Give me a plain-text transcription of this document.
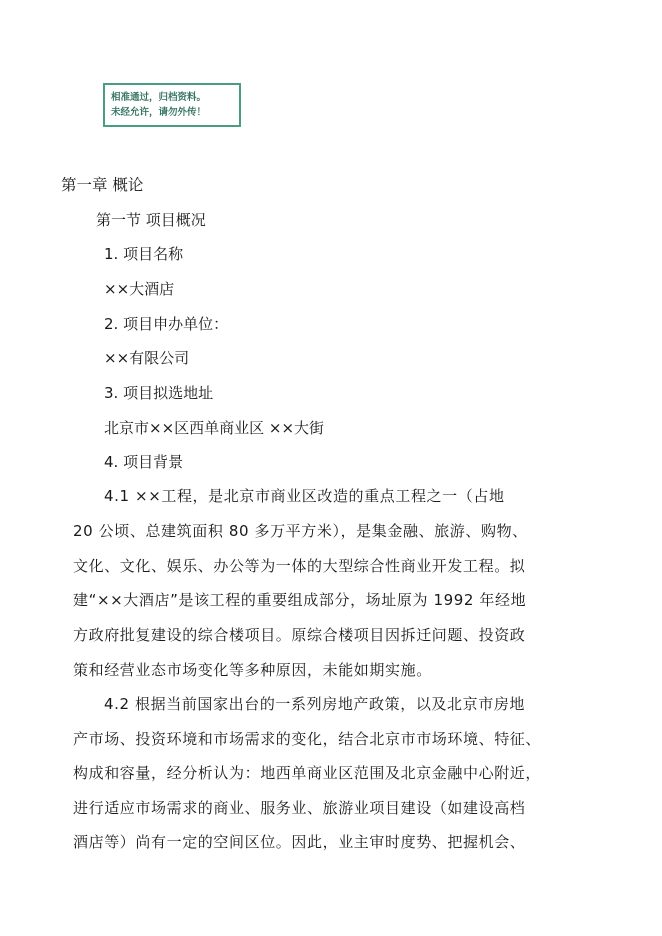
相准通过，归档资料。
未经允许，请勿外传！
第一章 概论
第一节 项目概况
1. 项目名称
××大酒店
2. 项目申办单位：
××有限公司
3. 项目拟选地址
北京市××区西单商业区 ××大街
4. 项目背景
4.1 ××工程，是北京市商业区改造的重点工程之一（占地
20 公顷、总建筑面积 80 多万平方米），是集金融、旅游、购物、
文化、文化、娱乐、办公等为一体的大型综合性商业开发工程。拟
建“××大酒店”是该工程的重要组成部分，场址原为 1992 年经地
方政府批复建设的综合楼项目。原综合楼项目因拆迁问题、投资政
策和经营业态市场变化等多种原因，未能如期实施。
4.2 根据当前国家出台的一系列房地产政策，以及北京市房地
产市场、投资环境和市场需求的变化，结合北京市市场环境、特征、
构成和容量，经分析认为：地西单商业区范围及北京金融中心附近，
进行适应市场需求的商业、服务业、旅游业项目建设（如建设高档
酒店等）尚有一定的空间区位。因此，业主审时度势、把握机会、
